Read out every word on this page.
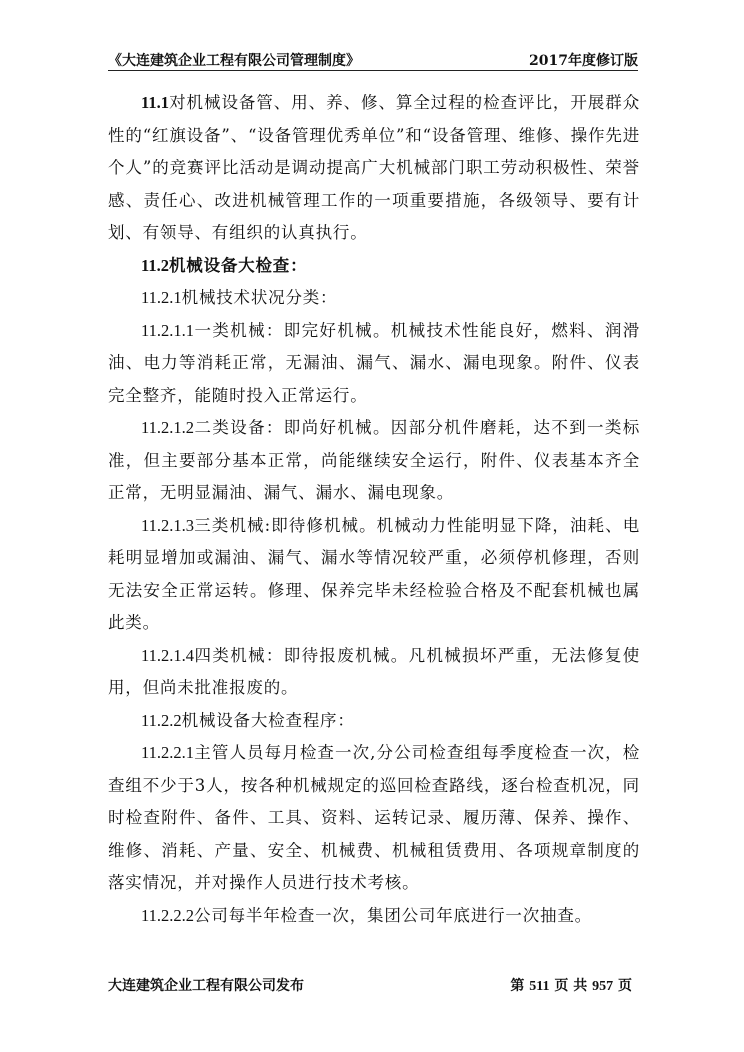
《大连建筑企业工程有限公司管理制度》	2017年度修订版

11.1对机械设备管、用、养、修、算全过程的检查评比，开展群众性的“红旗设备”、“设备管理优秀单位”和“设备管理、维修、操作先进个人”的竞赛评比活动是调动提高广大机械部门职工劳动积极性、荣誉感、责任心、改进机械管理工作的一项重要措施，各级领导、要有计划、有领导、有组织的认真执行。

11.2机械设备大检查：

11.2.1机械技术状况分类：

11.2.1.1一类机械：即完好机械。机械技术性能良好，燃料、润滑油、电力等消耗正常，无漏油、漏气、漏水、漏电现象。附件、仪表完全整齐，能随时投入正常运行。

11.2.1.2二类设备：即尚好机械。因部分机件磨耗，达不到一类标准，但主要部分基本正常，尚能继续安全运行，附件、仪表基本齐全正常，无明显漏油、漏气、漏水、漏电现象。

11.2.1.3三类机械:即待修机械。机械动力性能明显下降，油耗、电耗明显增加或漏油、漏气、漏水等情况较严重，必须停机修理，否则无法安全正常运转。修理、保养完毕未经检验合格及不配套机械也属此类。

11.2.1.4四类机械：即待报废机械。凡机械损坏严重，无法修复使用，但尚未批准报废的。

11.2.2机械设备大检查程序：

11.2.2.1主管人员每月检查一次,分公司检查组每季度检查一次，检查组不少于3人，按各种机械规定的巡回检查路线，逐台检查机况，同时检查附件、备件、工具、资料、运转记录、履历薄、保养、操作、维修、消耗、产量、安全、机械费、机械租赁费用、各项规章制度的落实情况，并对操作人员进行技术考核。

11.2.2.2公司每半年检查一次，集团公司年底进行一次抽查。

大连建筑企业工程有限公司发布	第 511 页 共 957 页
